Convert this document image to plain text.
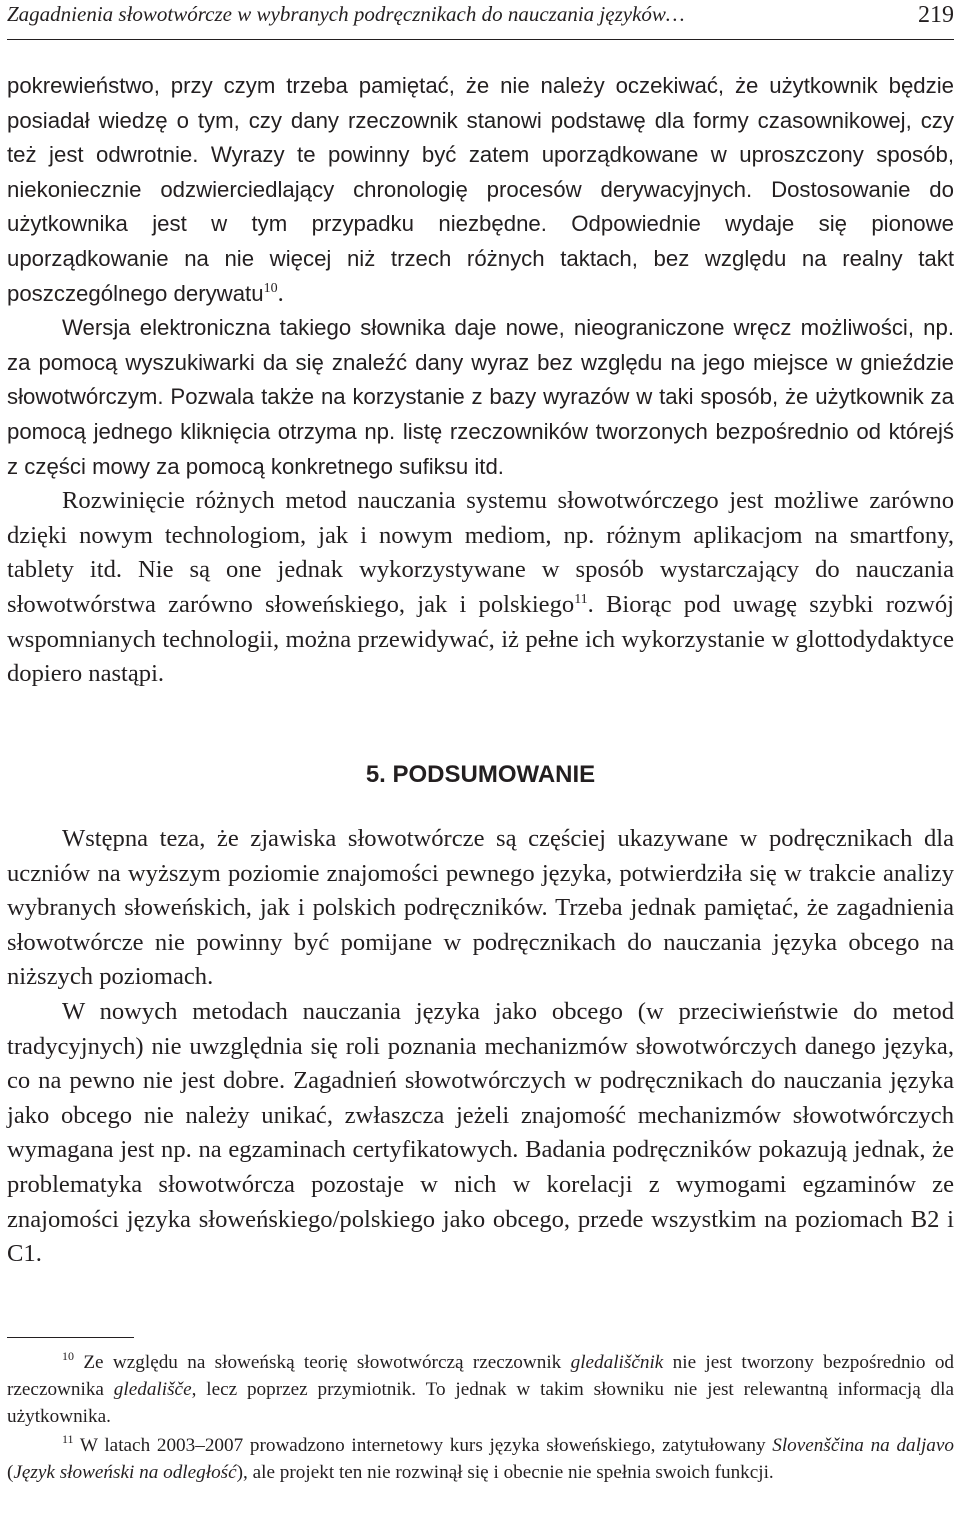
Zagadnienia słowotwórcze w wybranych podręcznikach do nauczania języków…	219

pokrewieństwo, przy czym trzeba pamiętać, że nie należy oczekiwać, że użytkownik będzie posiadał wiedzę o tym, czy dany rzeczownik stanowi podstawę dla formy czasownikowej, czy też jest odwrotnie. Wyrazy te powinny być zatem uporządkowane w uproszczony sposób, niekoniecznie odzwierciedlający chronologię procesów derywacyjnych. Dostosowanie do użytkownika jest w tym przypadku niezbędne. Odpowiednie wydaje się pionowe uporządkowanie na nie więcej niż trzech różnych taktach, bez względu na realny takt poszczególnego derywatu$^{10}$.

Wersja elektroniczna takiego słownika daje nowe, nieograniczone wręcz możliwości, np. za pomocą wyszukiwarki da się znaleźć dany wyraz bez względu na jego miejsce w gnieździe słowotwórczym. Pozwala także na korzystanie z bazy wyrazów w taki sposób, że użytkownik za pomocą jednego kliknięcia otrzyma np. listę rzeczowników tworzonych bezpośrednio od którejś z części mowy za pomocą konkretnego sufiksu itd.

Rozwinięcie różnych metod nauczania systemu słowotwórczego jest możliwe zarówno dzięki nowym technologiom, jak i nowym mediom, np. różnym aplikacjom na smartfony, tablety itd. Nie są one jednak wykorzystywane w sposób wystarczający do nauczania słowotwórstwa zarówno słoweńskiego, jak i polskiego$^{11}$. Biorąc pod uwagę szybki rozwój wspomnianych technologii, można przewidywać, iż pełne ich wykorzystanie w glottodydaktyce dopiero nastąpi.

5. PODSUMOWANIE

Wstępna teza, że zjawiska słowotwórcze są częściej ukazywane w podręcznikach dla uczniów na wyższym poziomie znajomości pewnego języka, potwierdziła się w trakcie analizy wybranych słoweńskich, jak i polskich podręczników. Trzeba jednak pamiętać, że zagadnienia słowotwórcze nie powinny być pomijane w podręcznikach do nauczania języka obcego na niższych poziomach.

W nowych metodach nauczania języka jako obcego (w przeciwieństwie do metod tradycyjnych) nie uwzględnia się roli poznania mechanizmów słowotwórczych danego języka, co na pewno nie jest dobre. Zagadnień słowotwórczych w podręcznikach do nauczania języka jako obcego nie należy unikać, zwłaszcza jeżeli znajomość mechanizmów słowotwórczych wymagana jest np. na egzaminach certyfikatowych. Badania podręczników pokazują jednak, że problematyka słowotwórcza pozostaje w nich w korelacji z wymogami egzaminów ze znajomości języka słoweńskiego/polskiego jako obcego, przede wszystkim na poziomach B2 i C1.

$^{10}$ Ze względu na słoweńską teorię słowotwórczą rzeczownik gledališčnik nie jest tworzony bezpośrednio od rzeczownika gledališče, lecz poprzez przymiotnik. To jednak w takim słowniku nie jest relewantną informacją dla użytkownika.

$^{11}$ W latach 2003–2007 prowadzono internetowy kurs języka słoweńskiego, zatytułowany Slovenščina na daljavo (Język słoweński na odległość), ale projekt ten nie rozwinął się i obecnie nie spełnia swoich funkcji.
